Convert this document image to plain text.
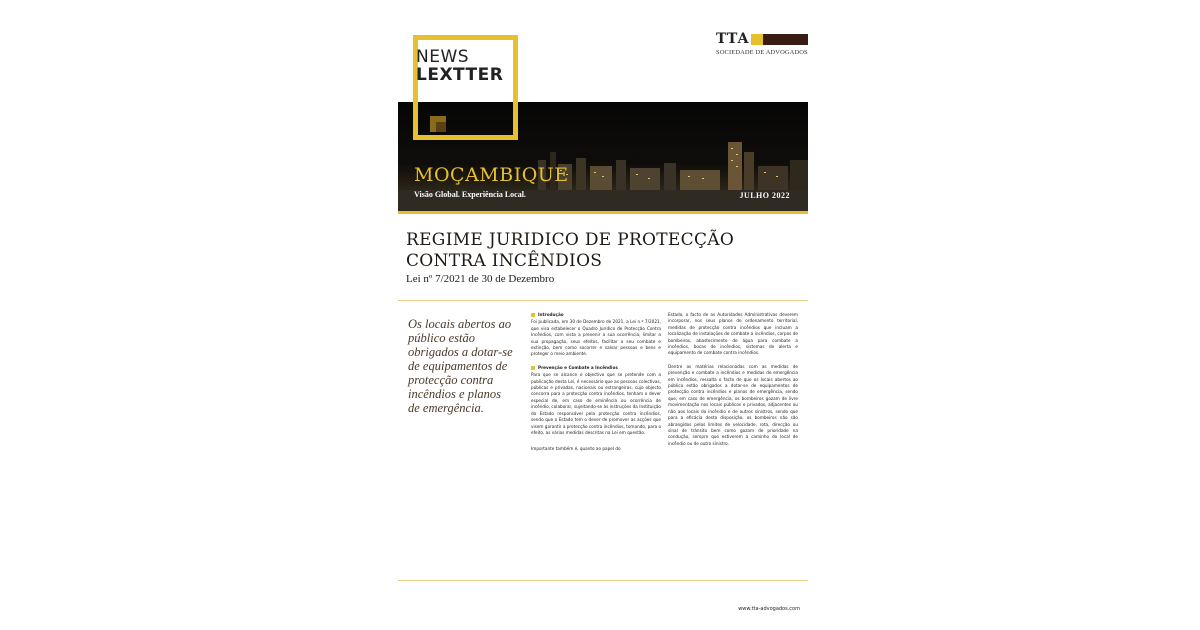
NEWS
LEXTTER
TTA
SOCIEDADE DE ADVOGADOS
MOÇAMBIQUE
Visão Global. Experiência Local.	JULHO 2022
REGIME JURIDICO DE PROTECÇÃO
CONTRA INCÊNDIOS
Lei nº 7/2021 de 30 de Dezembro
Os locais abertos ao público estão obrigados a dotar-se de equipamentos de protecção contra incêndios e planos de emergência.
Introdução

Foi publicada, em 30 de Dezembro de 2021, a Lei n.º 7/2021, que visa estabelecer o Quadro Jurídico de Protecção Contra Incêndios, com vista a prevenir a sua ocorrência, limitar a sua propagação, seus efeitos, facilitar o seu combate e extinção, bem como socorrer e salvar pessoas e bens e proteger o meio ambiente.

Prevenção e Combate a Incêndios

Para que se alcance o objectivo que se pretende com a publicação desta Lei, é necessário que as pessoas colectivas, públicas e privadas, nacionais ou estrangeiras, cujo objecto concorra para a protecção contra incêndios, tenham o dever especial de, em caso de eminência ou ocorrência de incêndio, colaborar, sujeitando-se às instruções da Instituição do Estado responsável pela protecção contra incêndios, sendo que o Estado tem o dever de promover as acções que visem garantir a protecção contra incêndios, tomando, para o efeito, as várias medidas descritas na Lei em questão.

Importante também é, quanto ao papel do

Estado, o facto de as Autoridades Administrativas deverem incorporar, nos seus planos de ordenamento territorial, medidas de protecção contra incêndios que incluam a localização de instalações de combate a incêndios, corpos de bombeiros, abastecimento de água para combate a incêndios, bocas de incêndios, sistemas de alerta e equipamento de combate contra incêndios.

Dentre as matérias relacionadas com as medidas de prevenção e combate a incêndios e medidas de emergência em incêndios, ressalta o facto de que os locais abertos ao público estão obrigados a dotar-se de equipamentos de protecção contra incêndios e planos de emergência, sendo que, em caso de emergência, os bombeiros gozam de livre movimentação nos locais públicos e privados, adjacentes ou não aos locais do incêndio e de outros sinistros, sendo que para a eficácia desta disposição, os bombeiros não são abrangidos pelos limites de velocidade, rota, direcção ou sinal de trânsito bem como gozam de prioridade na condução, sempre que estiverem a caminho do local de incêndio ou de outro sinistro.

www.tta-advogados.com
